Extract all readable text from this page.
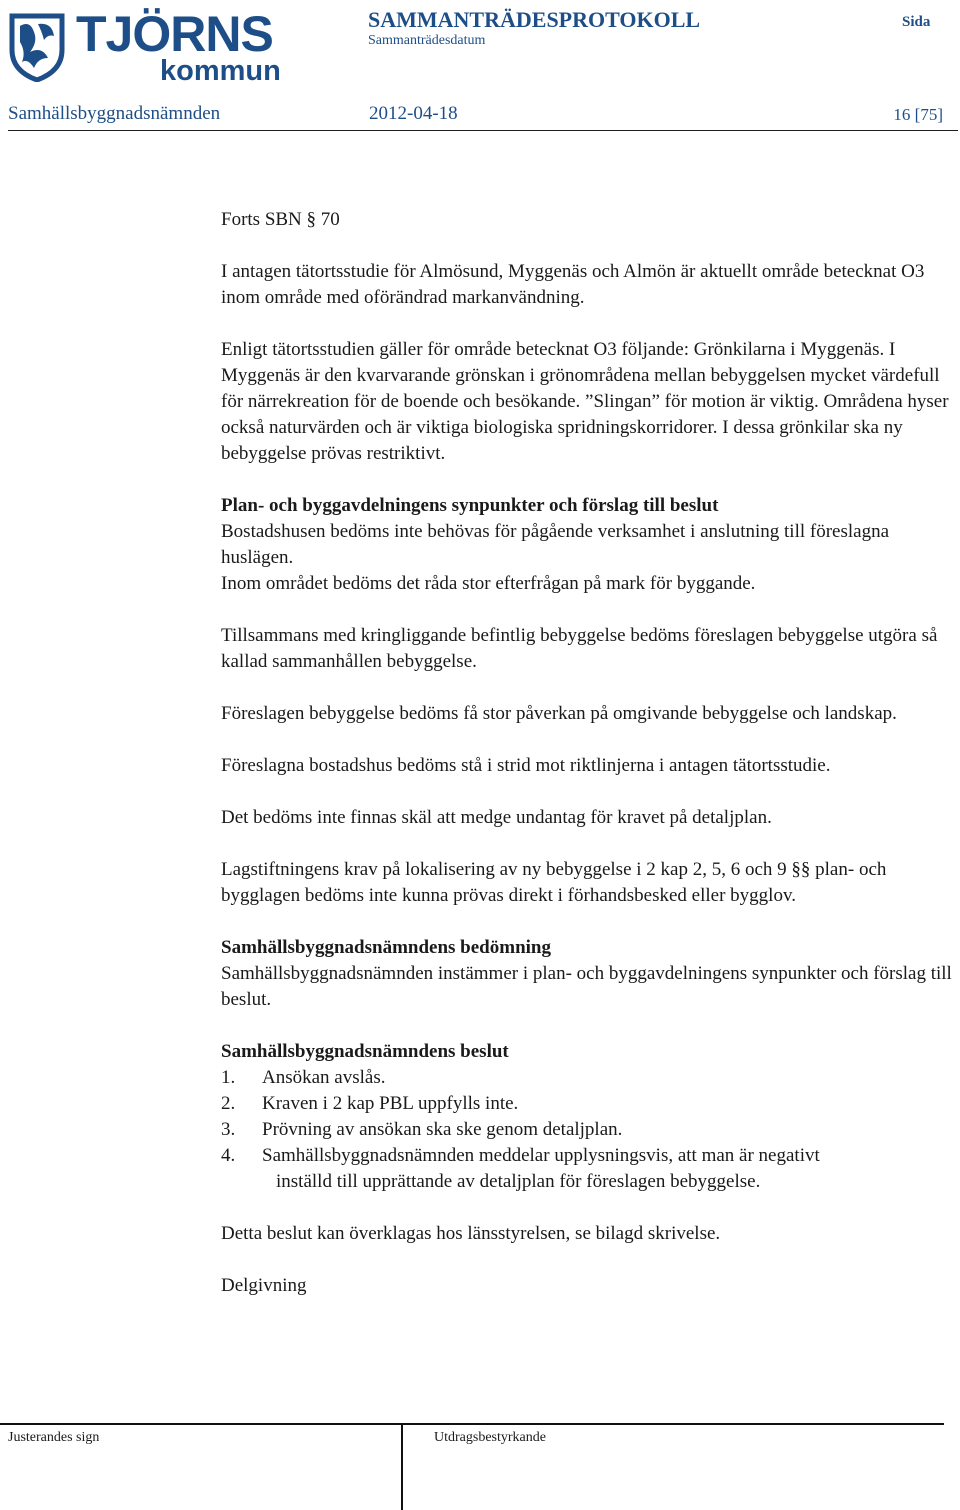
TJÖRNS
kommun
SAMMANTRÄDESPROTOKOLL
Sammanträdesdatum
Sida
Samhällsbyggnadsnämnden	2012-04-18	16 [75]

Forts SBN § 70

I antagen tätortsstudie för Almösund, Myggenäs och Almön är aktuellt område betecknat O3 inom område med oförändrad markanvändning.

Enligt tätortsstudien gäller för område betecknat O3 följande: Grönkilarna i Myggenäs. I Myggenäs är den kvarvarande grönskan i grönområdena mellan bebyggelsen mycket värdefull för närrekreation för de boende och besökande. ”Slingan” för motion är viktig. Områdena hyser också naturvärden och är viktiga biologiska spridningskorridorer. I dessa grönkilar ska ny bebyggelse prövas restriktivt.

Plan- och byggavdelningens synpunkter och förslag till beslut

Bostadshusen bedöms inte behövas för pågående verksamhet i anslutning till föreslagna huslägen.

Inom området bedöms det råda stor efterfrågan på mark för byggande.

Tillsammans med kringliggande befintlig bebyggelse bedöms föreslagen bebyggelse utgöra så kallad sammanhållen bebyggelse.

Föreslagen bebyggelse bedöms få stor påverkan på omgivande bebyggelse och landskap.

Föreslagna bostadshus bedöms stå i strid mot riktlinjerna i antagen tätortsstudie.

Det bedöms inte finnas skäl att medge undantag för kravet på detaljplan.

Lagstiftningens krav på lokalisering av ny bebyggelse i 2 kap 2, 5, 6 och 9 §§ plan- och bygglagen bedöms inte kunna prövas direkt i förhandsbesked eller bygglov.

Samhällsbyggnadsnämndens bedömning

Samhällsbyggnadsnämnden instämmer i plan- och byggavdelningens synpunkter och förslag till beslut.

Samhällsbyggnadsnämndens beslut

1. Ansökan avslås.
2. Kraven i 2 kap PBL uppfylls inte.
3. Prövning av ansökan ska ske genom detaljplan.
4. Samhällsbyggnadsnämnden meddelar upplysningsvis, att man är negativt
inställd till upprättande av detaljplan för föreslagen bebyggelse.

Detta beslut kan överklagas hos länsstyrelsen, se bilagd skrivelse.

Delgivning

Justerandes sign	Utdragsbestyrkande
